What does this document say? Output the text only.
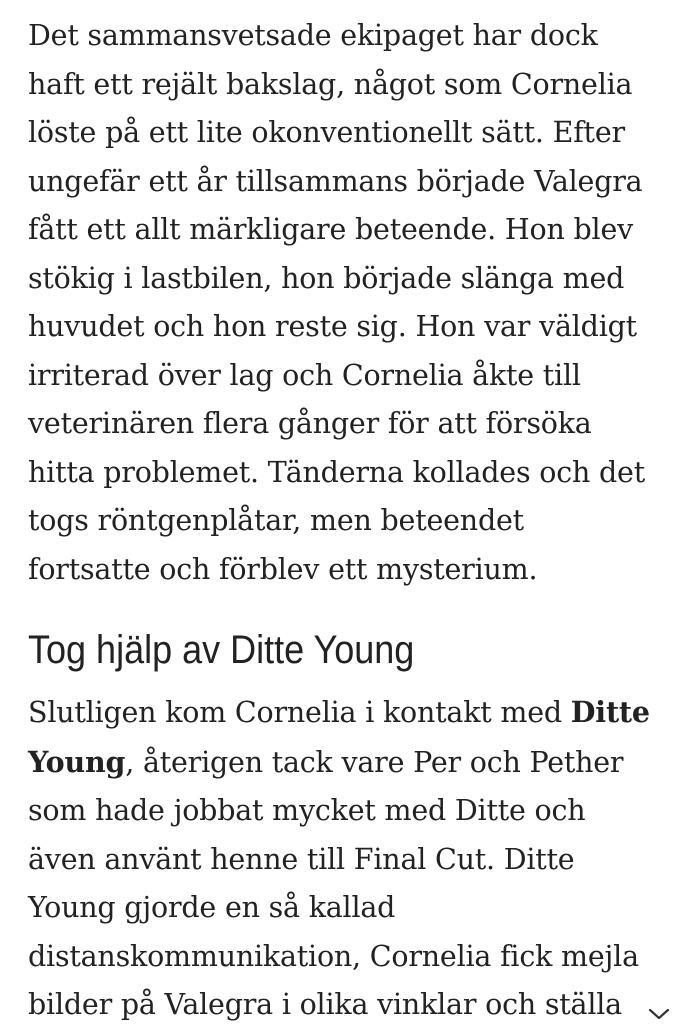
Det sammansvetsade ekipaget har dock
haft ett rejält bakslag, något som Cornelia
löste på ett lite okonventionellt sätt. Efter
ungefär ett år tillsammans började Valegra
fått ett allt märkligare beteende. Hon blev
stökig i lastbilen, hon började slänga med
huvudet och hon reste sig. Hon var väldigt
irriterad över lag och Cornelia åkte till
veterinären flera gånger för att försöka
hitta problemet. Tänderna kollades och det
togs röntgenplåtar, men beteendet
fortsatte och förblev ett mysterium.

Tog hjälp av Ditte Young

Slutligen kom Cornelia i kontakt med Ditte
Young, återigen tack vare Per och Pether
som hade jobbat mycket med Ditte och
även använt henne till Final Cut. Ditte
Young gjorde en så kallad
distanskommunikation, Cornelia fick mejla
bilder på Valegra i olika vinklar och ställa
